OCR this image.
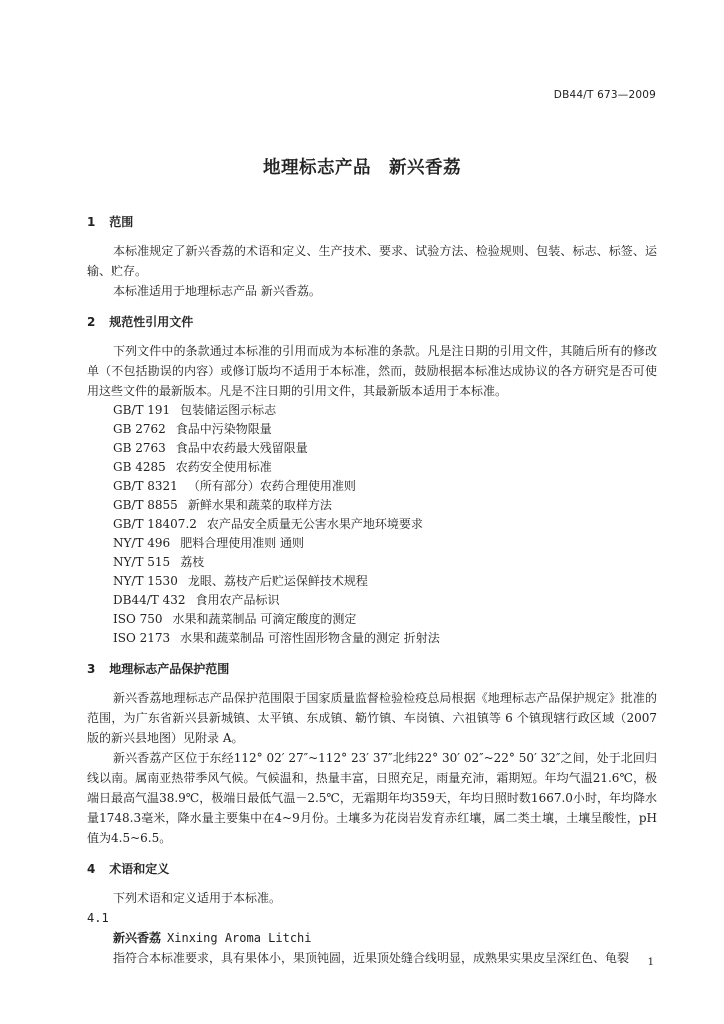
DB44/T 673—2009
地理标志产品　新兴香荔

1 范围

本标准规定了新兴香荔的术语和定义、生产技术、要求、试验方法、检验规则、包装、标志、标签、运输、贮存。

本标准适用于地理标志产品 新兴香荔。

2 规范性引用文件

下列文件中的条款通过本标准的引用而成为本标准的条款。凡是注日期的引用文件，其随后所有的修改单（不包括勘误的内容）或修订版均不适用于本标准，然而，鼓励根据本标准达成协议的各方研究是否可使用这些文件的最新版本。凡是不注日期的引用文件，其最新版本适用于本标准。

GB/T 191 包装储运图示标志

GB 2762 食品中污染物限量

GB 2763 食品中农药最大残留限量

GB 4285 农药安全使用标准

GB/T 8321 （所有部分）农药合理使用准则

GB/T 8855 新鲜水果和蔬菜的取样方法

GB/T 18407.2 农产品安全质量无公害水果产地环境要求

NY/T 496 肥料合理使用准则 通则

NY/T 515 荔枝

NY/T 1530 龙眼、荔枝产后贮运保鲜技术规程

DB44/T 432 食用农产品标识

ISO 750 水果和蔬菜制品 可滴定酸度的测定

ISO 2173 水果和蔬菜制品 可溶性固形物含量的测定 折射法

3 地理标志产品保护范围

新兴香荔地理标志产品保护范围限于国家质量监督检验检疫总局根据《地理标志产品保护规定》批准的范围，为广东省新兴县新城镇、太平镇、东成镇、簕竹镇、车岗镇、六祖镇等 6 个镇现辖行政区域（2007 版的新兴县地图）见附录 A。

新兴香荔产区位于东经112° 02′ 27″~112° 23′ 37″北纬22° 30′ 02″~22° 50′ 32″之间，处于北回归线以南。属南亚热带季风气候。气候温和，热量丰富，日照充足，雨量充沛，霜期短。年均气温21.6℃，极端日最高气温38.9℃，极端日最低气温－2.5℃，无霜期年均359天，年均日照时数1667.0小时，年均降水量1748.3毫米，降水量主要集中在4~9月份。土壤多为花岗岩发育赤红壤，属二类土壤，土壤呈酸性，pH值为4.5~6.5。

4 术语和定义

下列术语和定义适用于本标准。

4.1

新兴香荔 Xinxing Aroma Litchi

指符合本标准要求，具有果体小，果顶钝圆，近果顶处缝合线明显，成熟果实果皮呈深红色、龟裂	1
